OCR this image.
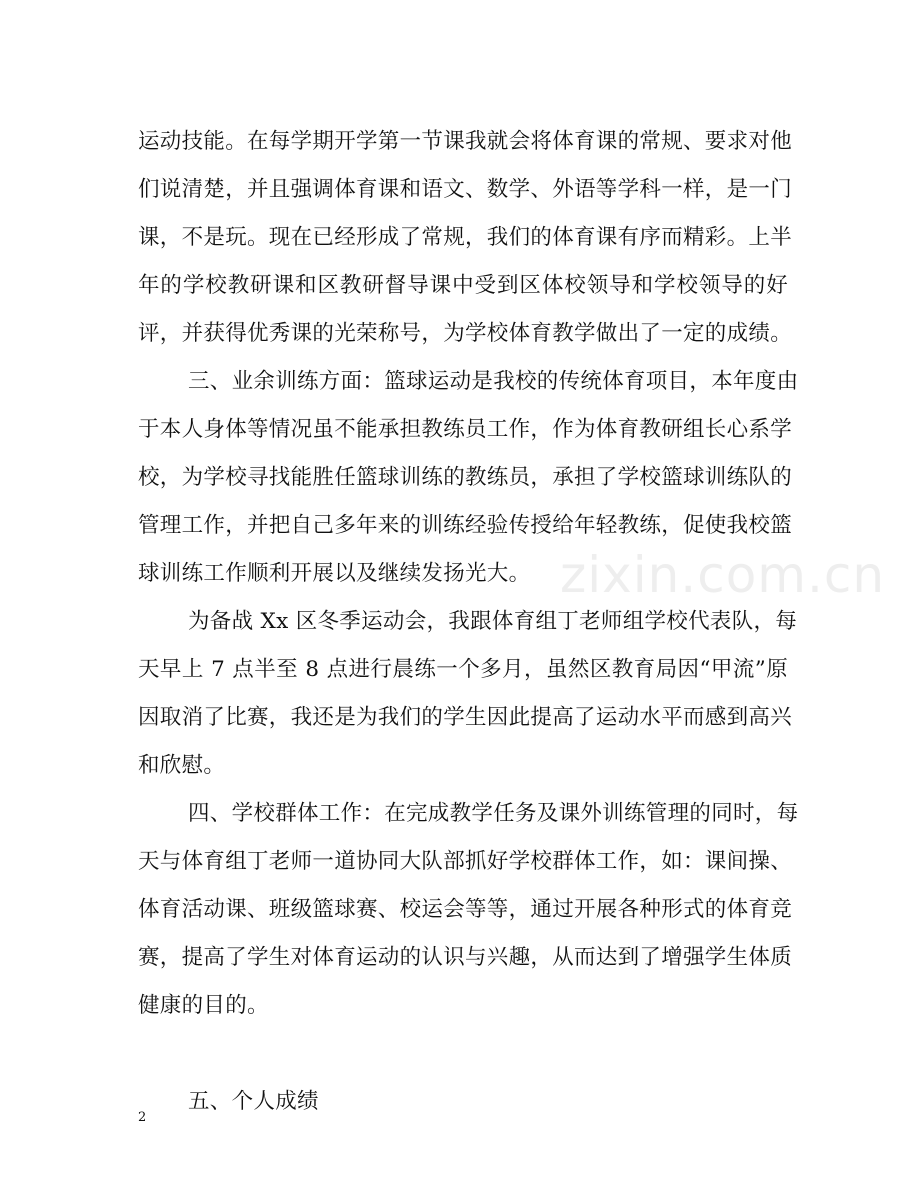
zixin.com.cn
运动技能。在每学期开学第一节课我就会将体育课的常规、要求对他
们说清楚，并且强调体育课和语文、数学、外语等学科一样，是一门
课，不是玩。现在已经形成了常规，我们的体育课有序而精彩。上半
年的学校教研课和区教研督导课中受到区体校领导和学校领导的好
评，并获得优秀课的光荣称号，为学校体育教学做出了一定的成绩。
三、业余训练方面：篮球运动是我校的传统体育项目，本年度由
于本人身体等情况虽不能承担教练员工作，作为体育教研组长心系学
校，为学校寻找能胜任篮球训练的教练员，承担了学校篮球训练队的
管理工作，并把自己多年来的训练经验传授给年轻教练，促使我校篮
球训练工作顺利开展以及继续发扬光大。
为备战 Xx 区冬季运动会，我跟体育组丁老师组学校代表队，每
天早上 7 点半至 8 点进行晨练一个多月，虽然区教育局因“甲流”原
因取消了比赛，我还是为我们的学生因此提高了运动水平而感到高兴
和欣慰。
四、学校群体工作：在完成教学任务及课外训练管理的同时，每
天与体育组丁老师一道协同大队部抓好学校群体工作，如：课间操、
体育活动课、班级篮球赛、校运会等等，通过开展各种形式的体育竞
赛，提高了学生对体育运动的认识与兴趣，从而达到了增强学生体质
健康的目的。
五、个人成绩
2
